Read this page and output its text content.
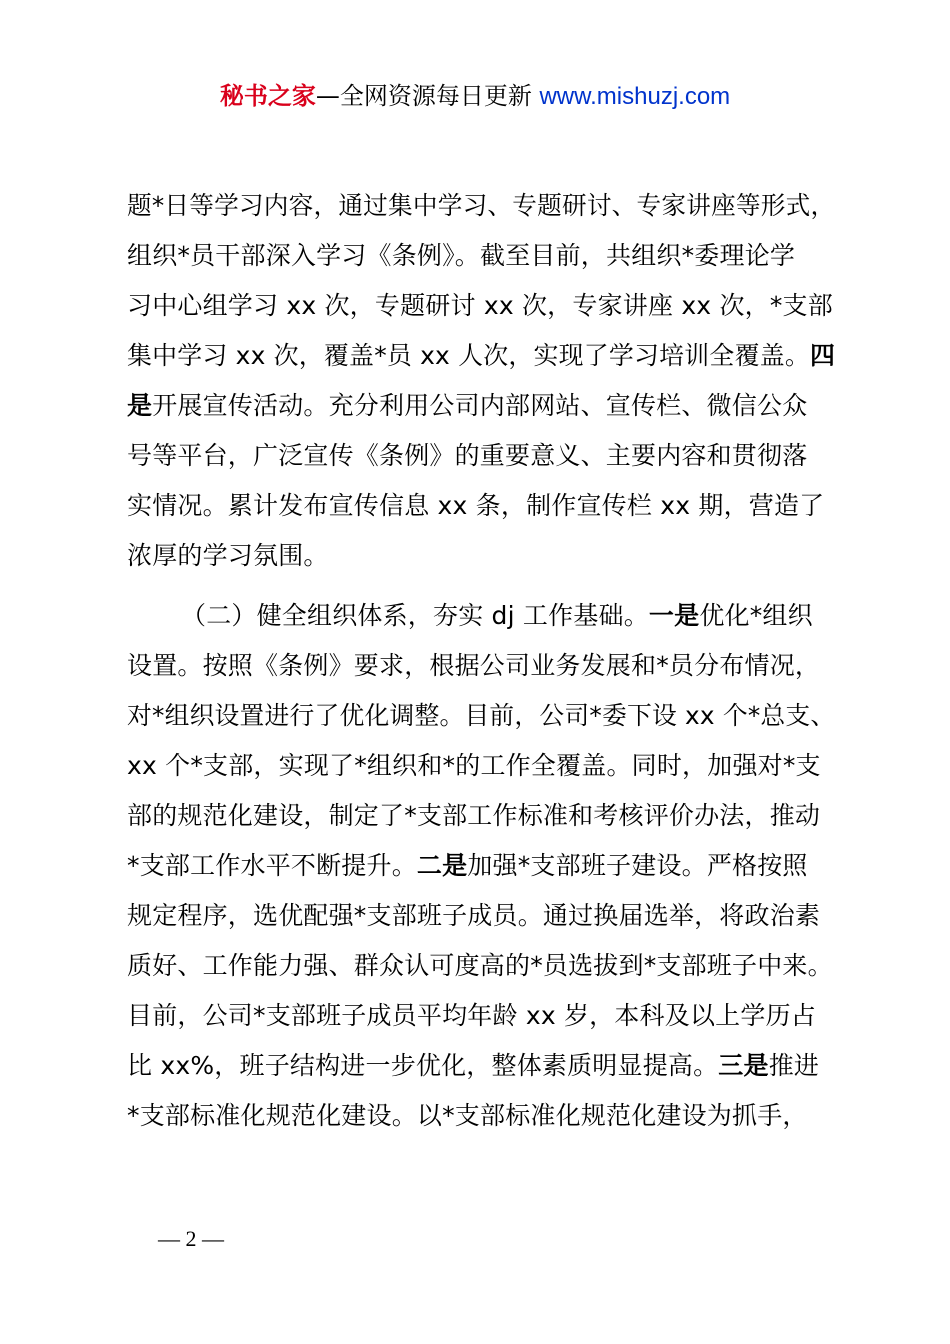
秘书之家—全网资源每日更新 www.mishuzj.com
题*日等学习内容，通过集中学习、专题研讨、专家讲座等形式，
组织*员干部深入学习《条例》。截至目前，共组织*委理论学
习中心组学习 xx 次，专题研讨 xx 次，专家讲座 xx 次，*支部
集中学习 xx 次，覆盖*员 xx 人次，实现了学习培训全覆盖。四
是开展宣传活动。充分利用公司内部网站、宣传栏、微信公众
号等平台，广泛宣传《条例》的重要意义、主要内容和贯彻落
实情况。累计发布宣传信息 xx 条，制作宣传栏 xx 期，营造了
浓厚的学习氛围。
（二）健全组织体系，夯实 dj 工作基础。一是优化*组织
设置。按照《条例》要求，根据公司业务发展和*员分布情况，
对*组织设置进行了优化调整。目前，公司*委下设 xx 个*总支、
xx 个*支部，实现了*组织和*的工作全覆盖。同时，加强对*支
部的规范化建设，制定了*支部工作标准和考核评价办法，推动
*支部工作水平不断提升。二是加强*支部班子建设。严格按照
规定程序，选优配强*支部班子成员。通过换届选举，将政治素
质好、工作能力强、群众认可度高的*员选拔到*支部班子中来。
目前，公司*支部班子成员平均年龄 xx 岁，本科及以上学历占
比 xx%，班子结构进一步优化，整体素质明显提高。三是推进
*支部标准化规范化建设。以*支部标准化规范化建设为抓手，
— 2 —
